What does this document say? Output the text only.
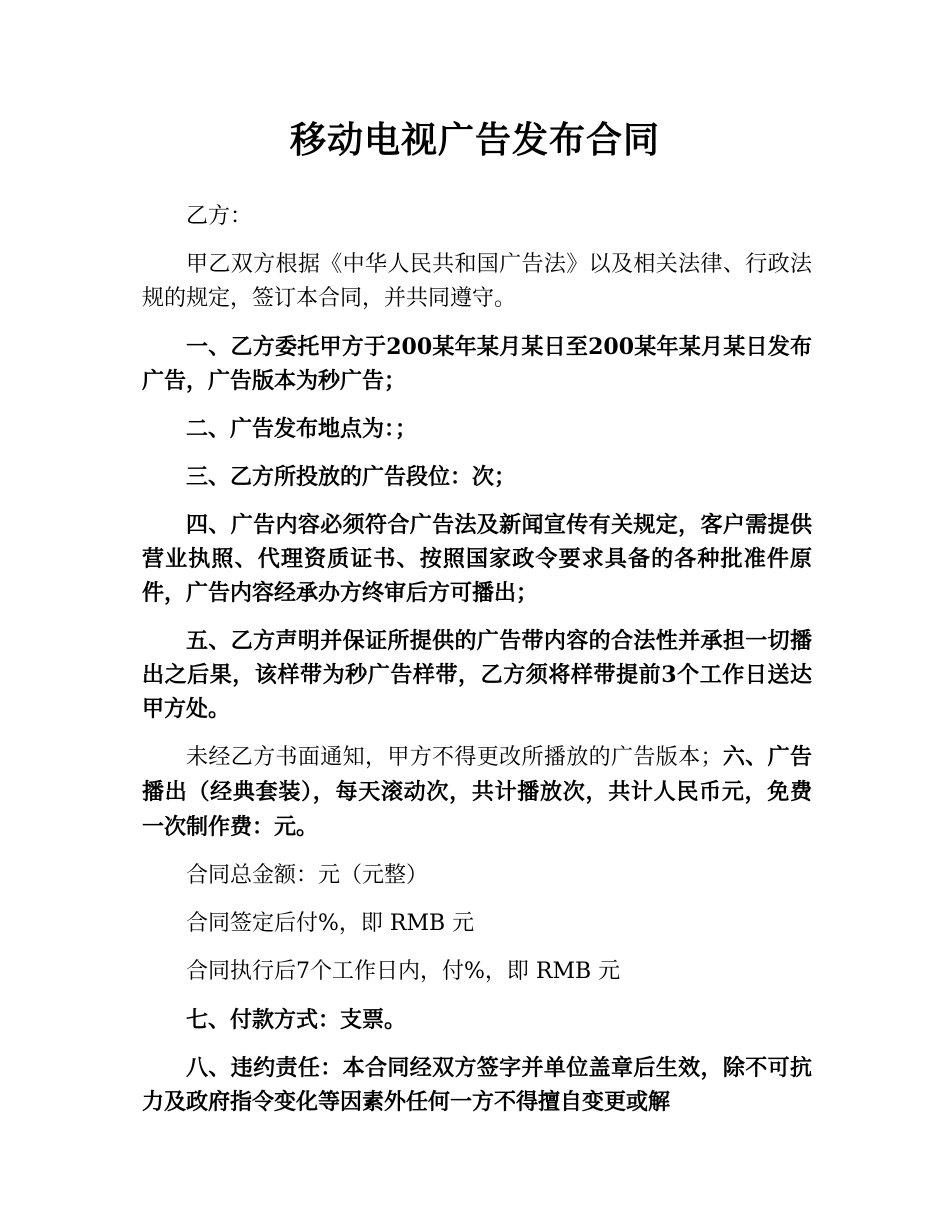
移动电视广告发布合同

乙方：

甲乙双方根据《中华人民共和国广告法》以及相关法律、行政法规的规定，签订本合同，并共同遵守。

一、乙方委托甲方于200某年某月某日至200某年某月某日发布广告，广告版本为秒广告；

二、广告发布地点为：；

三、乙方所投放的广告段位：次；

四、广告内容必须符合广告法及新闻宣传有关规定，客户需提供营业执照、代理资质证书、按照国家政令要求具备的各种批准件原件，广告内容经承办方终审后方可播出；

五、乙方声明并保证所提供的广告带内容的合法性并承担一切播出之后果，该样带为秒广告样带，乙方须将样带提前3个工作日送达甲方处。

未经乙方书面通知，甲方不得更改所播放的广告版本；六、广告播出（经典套装），每天滚动次，共计播放次，共计人民币元，免费一次制作费：元。

合同总金额：元（元整）

合同签定后付%，即 RMB 元

合同执行后7个工作日内，付%，即 RMB 元

七、付款方式：支票。

八、违约责任：本合同经双方签字并单位盖章后生效，除不可抗力及政府指令变化等因素外任何一方不得擅自变更或解
